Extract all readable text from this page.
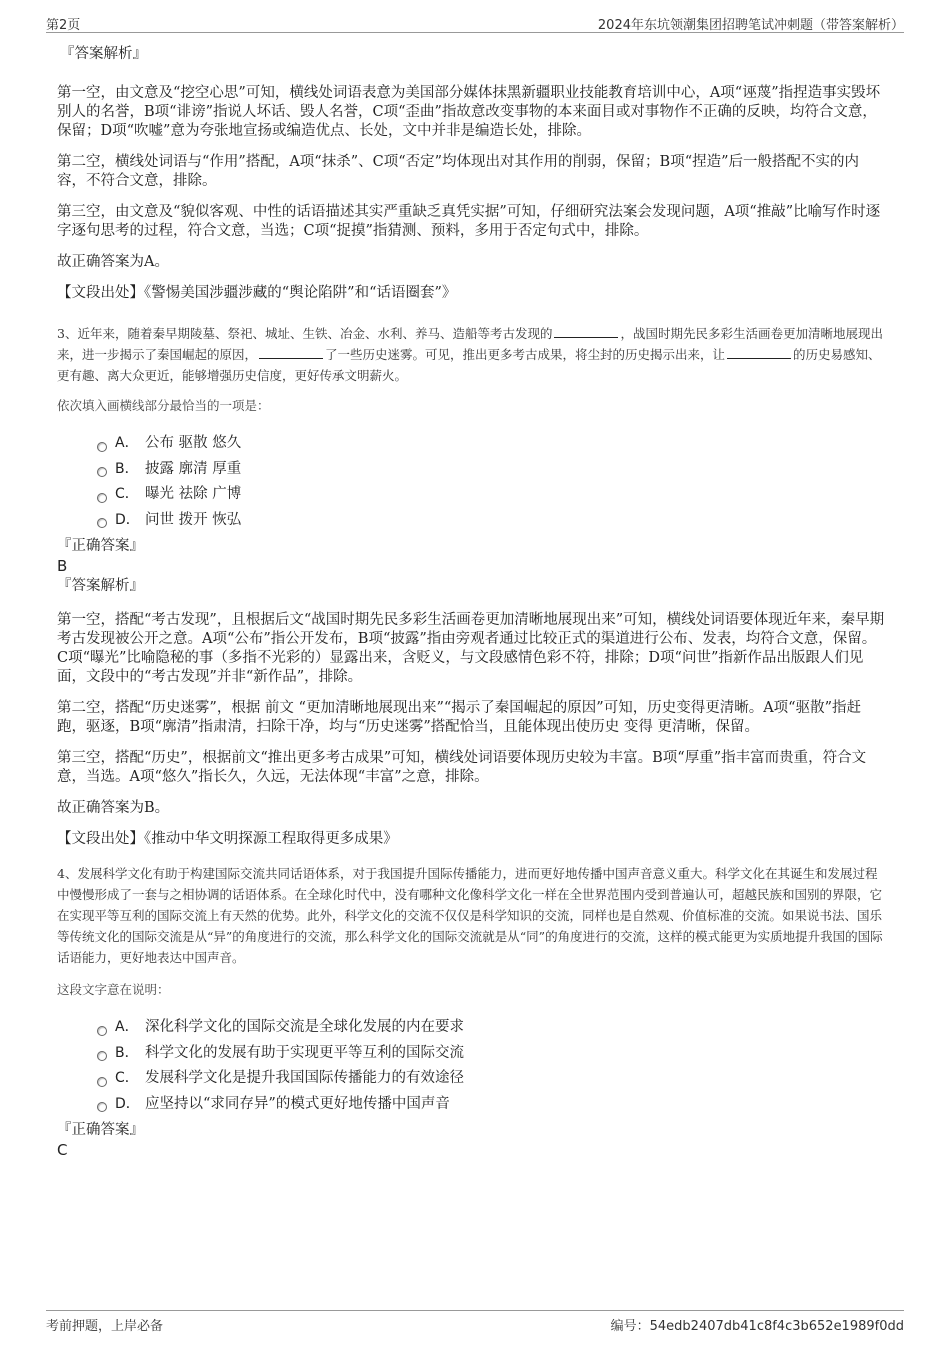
第2页	2024年东坑领潮集团招聘笔试冲刺题（带答案解析）

『答案解析』

第一空，由文意及“挖空心思”可知，横线处词语表意为美国部分媒体抹黑新疆职业技能教育培训中心，A项“诬蔑”指捏造事实毁坏别人的名誉，B项“诽谤”指说人坏话、毁人名誉，C项“歪曲”指故意改变事物的本来面目或对事物作不正确的反映，均符合文意，保留；D项“吹嘘”意为夸张地宣扬或编造优点、长处，文中并非是编造长处，排除。

第二空，横线处词语与“作用”搭配，A项“抹杀”、C项“否定”均体现出对其作用的削弱，保留；B项“捏造”后一般搭配不实的内容，不符合文意，排除。

第三空，由文意及“貌似客观、中性的话语描述其实严重缺乏真凭实据”可知，仔细研究法案会发现问题，A项“推敲”比喻写作时逐字逐句思考的过程，符合文意，当选；C项“捉摸”指猜测、预料，多用于否定句式中，排除。

故正确答案为A。

【文段出处】《警惕美国涉疆涉藏的“舆论陷阱”和“话语圈套”》

3、近年来，随着秦早期陵墓、祭祀、城址、生铁、冶金、水利、养马、造船等考古发现的	，战国时期先民多彩生活画卷更加清晰地展现出来，进一步揭示了秦国崛起的原因，	了一些历史迷雾。可见，推出更多考古成果，将尘封的历史揭示出来，让	的历史易感知、更有趣、离大众更近，能够增强历史信度，更好传承文明薪火。

依次填入画横线部分最恰当的一项是：

A． 公布 驱散 悠久
B． 披露 廓清 厚重
C． 曝光 祛除 广博
D． 问世 拨开 恢弘

『正确答案』

B

『答案解析』

第一空，搭配“考古发现”，且根据后文“战国时期先民多彩生活画卷更加清晰地展现出来”可知，横线处词语要体现近年来，秦早期考古发现被公开之意。A项“公布”指公开发布，B项“披露”指由旁观者通过比较正式的渠道进行公布、发表，均符合文意，保留。C项“曝光”比喻隐秘的事（多指不光彩的）显露出来，含贬义，与文段感情色彩不符，排除；D项“问世”指新作品出版跟人们见面，文段中的“考古发现”并非“新作品”，排除。

第二空，搭配“历史迷雾”，根据 前文 “更加清晰地展现出来”“揭示了秦国崛起的原因”可知，历史变得更清晰。A项“驱散”指赶跑，驱逐，B项“廓清”指肃清，扫除干净，均与“历史迷雾”搭配恰当，且能体现出使历史 变得 更清晰，保留。

第三空，搭配“历史”，根据前文“推出更多考古成果”可知，横线处词语要体现历史较为丰富。B项“厚重”指丰富而贵重，符合文意，当选。A项“悠久”指长久，久远，无法体现“丰富”之意，排除。

故正确答案为B。

【文段出处】《推动中华文明探源工程取得更多成果》

4、发展科学文化有助于构建国际交流共同话语体系，对于我国提升国际传播能力，进而更好地传播中国声音意义重大。科学文化在其诞生和发展过程中慢慢形成了一套与之相协调的话语体系。在全球化时代中，没有哪种文化像科学文化一样在全世界范围内受到普遍认可，超越民族和国别的界限，它在实现平等互利的国际交流上有天然的优势。此外，科学文化的交流不仅仅是科学知识的交流，同样也是自然观、价值标准的交流。如果说书法、国乐等传统文化的国际交流是从“异”的角度进行的交流，那么科学文化的国际交流就是从“同”的角度进行的交流，这样的模式能更为实质地提升我国的国际话语能力，更好地表达中国声音。

这段文字意在说明：

A． 深化科学文化的国际交流是全球化发展的内在要求
B． 科学文化的发展有助于实现更平等互利的国际交流
C． 发展科学文化是提升我国国际传播能力的有效途径
D． 应坚持以“求同存异”的模式更好地传播中国声音

『正确答案』

C

考前押题，上岸必备	编号：54edb2407db41c8f4c3b652e1989f0dd
